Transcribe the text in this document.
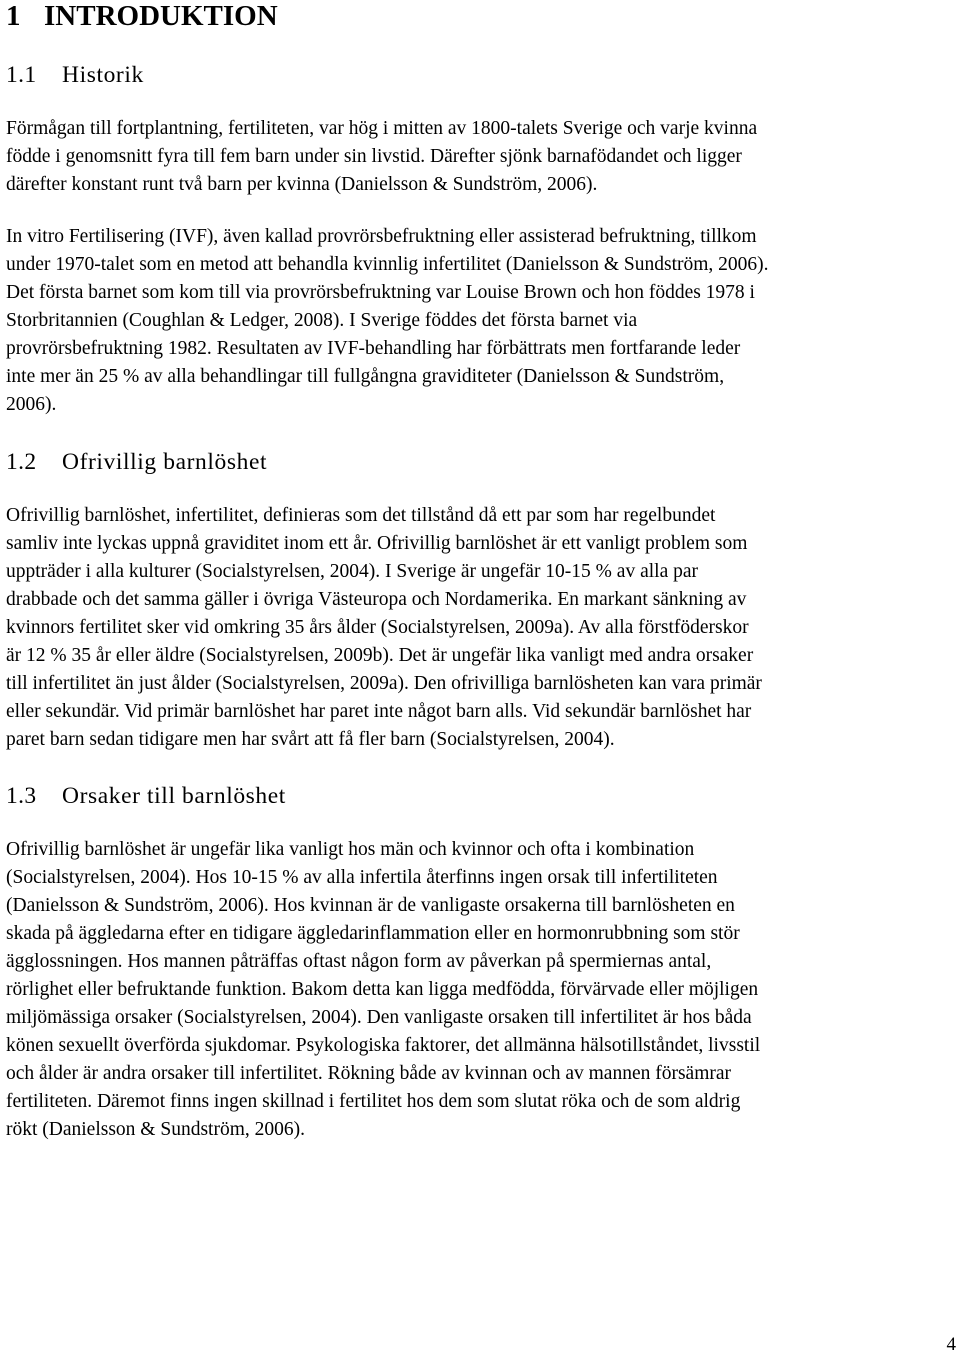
1 INTRODUKTION
1.1 Historik
Förmågan till fortplantning, fertiliteten, var hög i mitten av 1800-talets Sverige och varje kvinna
födde i genomsnitt fyra till fem barn under sin livstid. Därefter sjönk barnafödandet och ligger
därefter konstant runt två barn per kvinna (Danielsson & Sundström, 2006).
In vitro Fertilisering (IVF), även kallad provrörsbefruktning eller assisterad befruktning, tillkom
under 1970-talet som en metod att behandla kvinnlig infertilitet (Danielsson & Sundström, 2006).
Det första barnet som kom till via provrörsbefruktning var Louise Brown och hon föddes 1978 i
Storbritannien (Coughlan & Ledger, 2008). I Sverige föddes det första barnet via
provrörsbefruktning 1982. Resultaten av IVF-behandling har förbättrats men fortfarande leder
inte mer än 25 % av alla behandlingar till fullgångna graviditeter (Danielsson & Sundström,
2006).
1.2 Ofrivillig barnlöshet
Ofrivillig barnlöshet, infertilitet, definieras som det tillstånd då ett par som har regelbundet
samliv inte lyckas uppnå graviditet inom ett år. Ofrivillig barnlöshet är ett vanligt problem som
uppträder i alla kulturer (Socialstyrelsen, 2004). I Sverige är ungefär 10-15 % av alla par
drabbade och det samma gäller i övriga Västeuropa och Nordamerika. En markant sänkning av
kvinnors fertilitet sker vid omkring 35 års ålder (Socialstyrelsen, 2009a). Av alla förstföderskor
är 12 % 35 år eller äldre (Socialstyrelsen, 2009b). Det är ungefär lika vanligt med andra orsaker
till infertilitet än just ålder (Socialstyrelsen, 2009a). Den ofrivilliga barnlösheten kan vara primär
eller sekundär. Vid primär barnlöshet har paret inte något barn alls. Vid sekundär barnlöshet har
paret barn sedan tidigare men har svårt att få fler barn (Socialstyrelsen, 2004).
1.3 Orsaker till barnlöshet
Ofrivillig barnlöshet är ungefär lika vanligt hos män och kvinnor och ofta i kombination
(Socialstyrelsen, 2004). Hos 10-15 % av alla infertila återfinns ingen orsak till infertiliteten
(Danielsson & Sundström, 2006). Hos kvinnan är de vanligaste orsakerna till barnlösheten en
skada på äggledarna efter en tidigare äggledarinflammation eller en hormonrubbning som stör
ägglossningen. Hos mannen påträffas oftast någon form av påverkan på spermiernas antal,
rörlighet eller befruktande funktion. Bakom detta kan ligga medfödda, förvärvade eller möjligen
miljömässiga orsaker (Socialstyrelsen, 2004). Den vanligaste orsaken till infertilitet är hos båda
könen sexuellt överförda sjukdomar. Psykologiska faktorer, det allmänna hälsotillståndet, livsstil
och ålder är andra orsaker till infertilitet. Rökning både av kvinnan och av mannen försämrar
fertiliteten. Däremot finns ingen skillnad i fertilitet hos dem som slutat röka och de som aldrig
rökt (Danielsson & Sundström, 2006).
4
